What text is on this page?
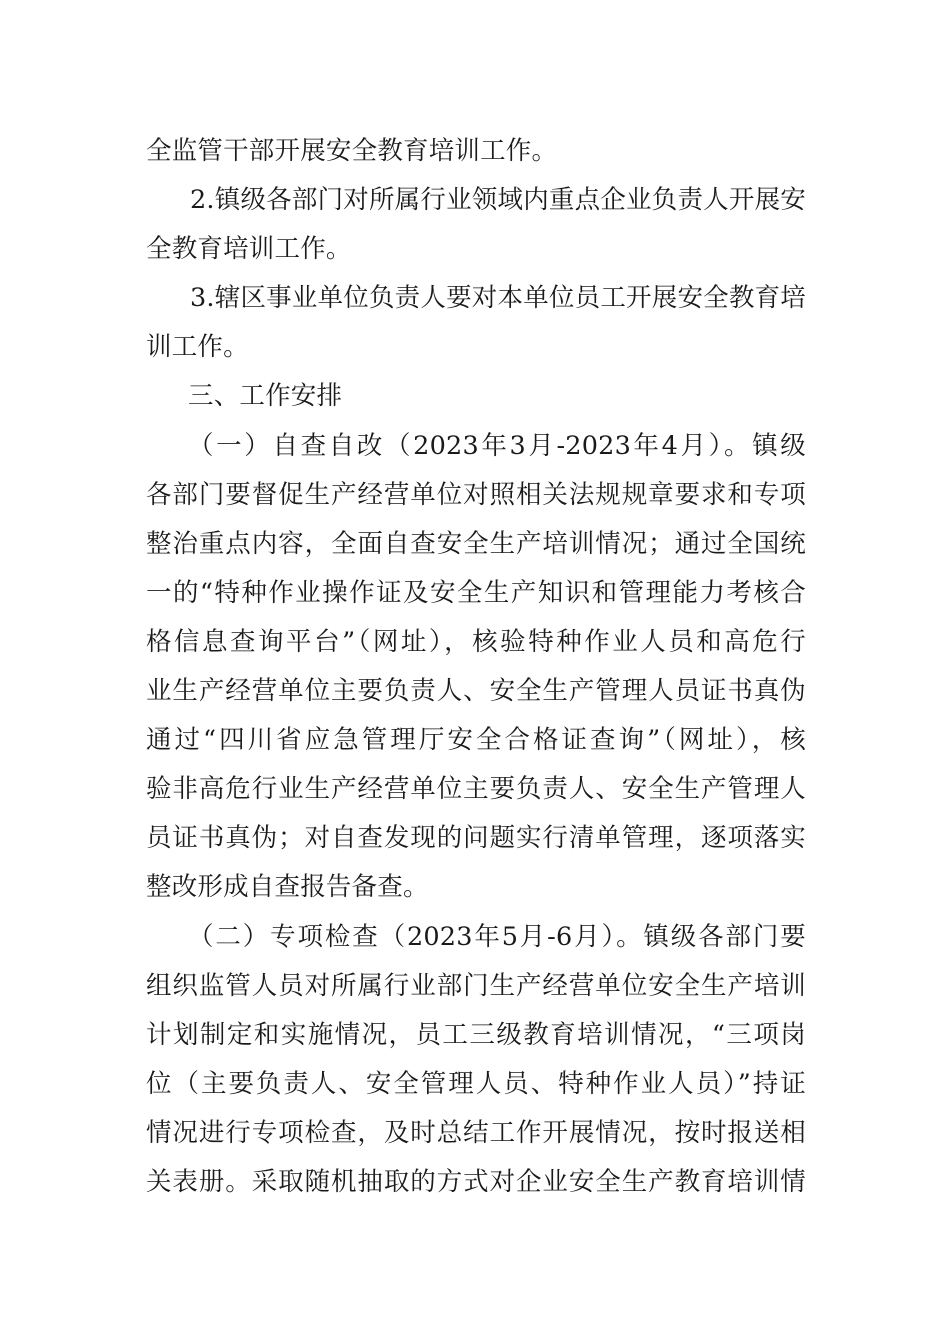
全监管干部开展安全教育培训工作。
2.镇级各部门对所属行业领域内重点企业负责人开展安
全教育培训工作。
3.辖区事业单位负责人要对本单位员工开展安全教育培
训工作。
三、工作安排
（一）自查自改（2023年3月-2023年4月）。镇级
各部门要督促生产经营单位对照相关法规规章要求和专项
整治重点内容，全面自查安全生产培训情况；通过全国统
一的“特种作业操作证及安全生产知识和管理能力考核合
格信息查询平台”（网址），核验特种作业人员和高危行
业生产经营单位主要负责人、安全生产管理人员证书真伪
通过“四川省应急管理厅安全合格证查询”（网址），核
验非高危行业生产经营单位主要负责人、安全生产管理人
员证书真伪；对自查发现的问题实行清单管理，逐项落实
整改形成自查报告备查。
（二）专项检查（2023年5月-6月）。镇级各部门要
组织监管人员对所属行业部门生产经营单位安全生产培训
计划制定和实施情况，员工三级教育培训情况，“三项岗
位（主要负责人、安全管理人员、特种作业人员）”持证
情况进行专项检查，及时总结工作开展情况，按时报送相
关表册。采取随机抽取的方式对企业安全生产教育培训情
